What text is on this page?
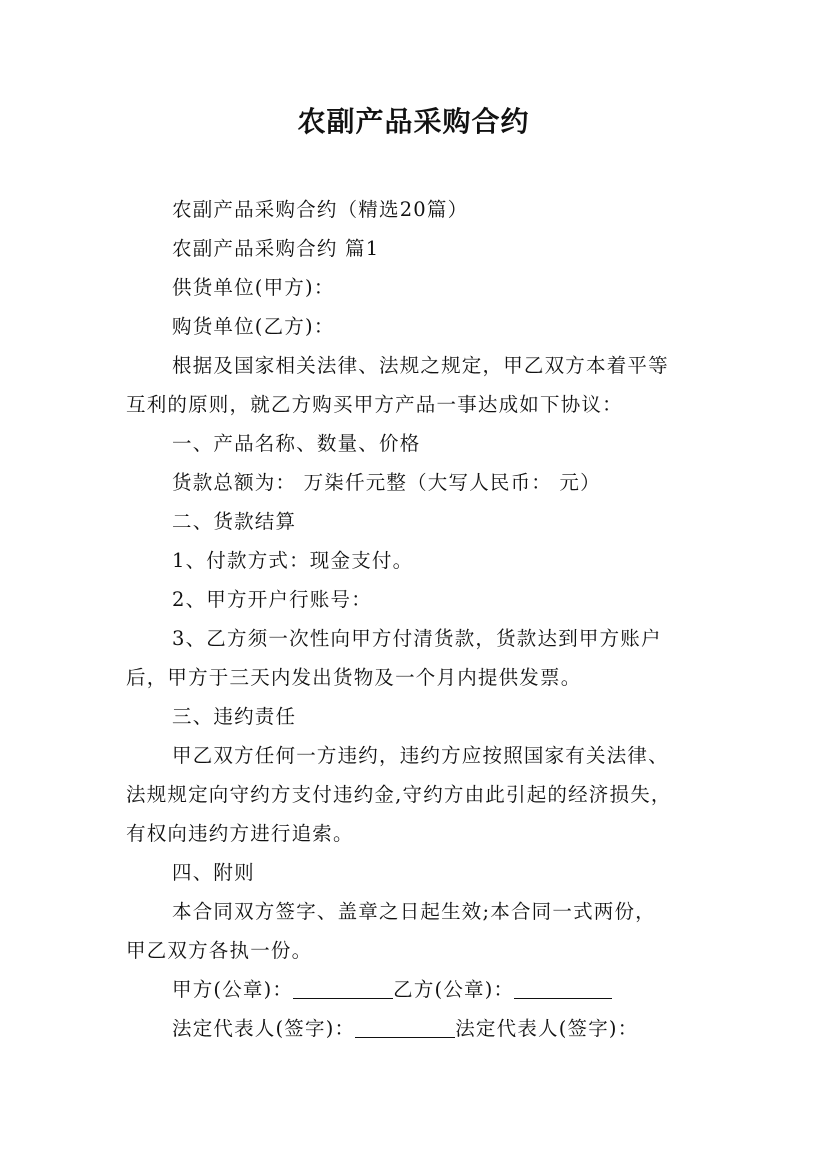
农副产品采购合约
农副产品采购合约（精选20篇）
农副产品采购合约 篇1
供货单位(甲方)：
购货单位(乙方)：
根据及国家相关法律、法规之规定，甲乙双方本着平等
互利的原则，就乙方购买甲方产品一事达成如下协议：
一、产品名称、数量、价格
货款总额为： 万柒仟元整（大写人民币： 元）
二、货款结算
1、付款方式：现金支付。
2、甲方开户行账号：
3、乙方须一次性向甲方付清货款，货款达到甲方账户
后，甲方于三天内发出货物及一个月内提供发票。
三、违约责任
甲乙双方任何一方违约，违约方应按照国家有关法律、
法规规定向守约方支付违约金,守约方由此引起的经济损失，
有权向违约方进行追索。
四、附则
本合同双方签字、盖章之日起生效;本合同一式两份，
甲乙双方各执一份。
甲方(公章)：	乙方(公章)：
法定代表人(签字)：	法定代表人(签字)：
